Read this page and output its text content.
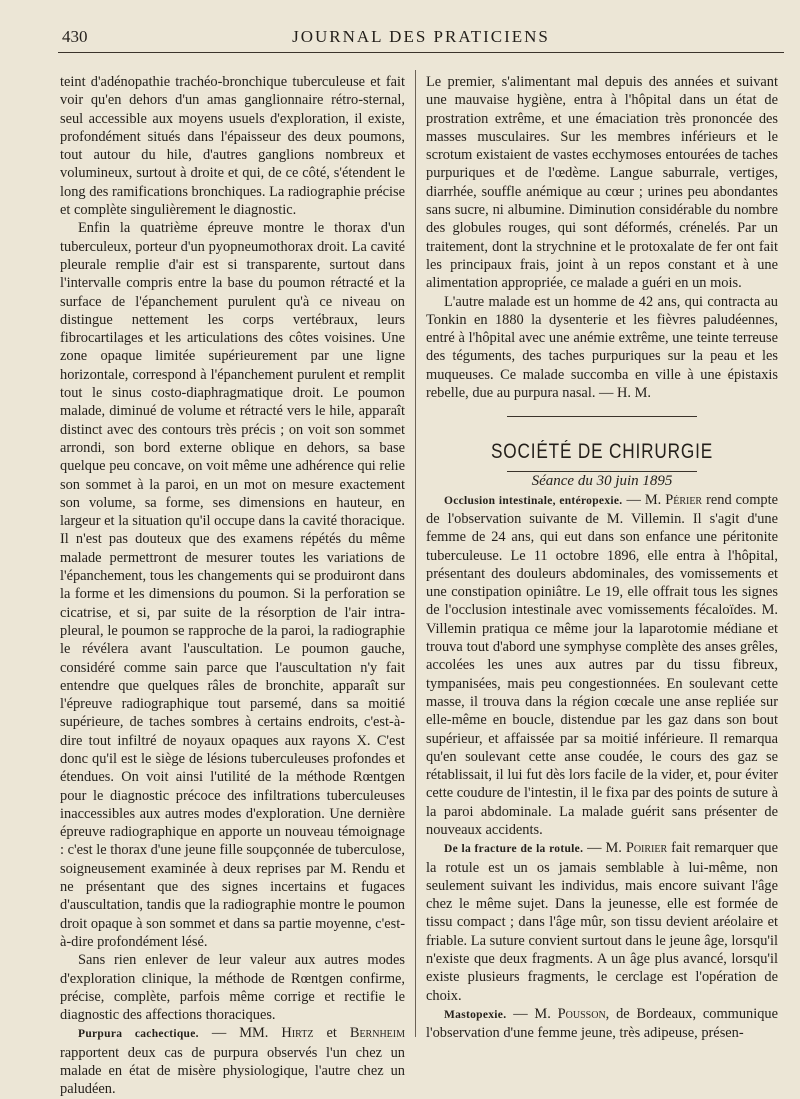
430	JOURNAL DES PRATICIENS

teint d'adénopathie trachéo-bronchique tuberculeuse et fait voir qu'en dehors d'un amas ganglionnaire rétro-sternal, seul accessible aux moyens usuels d'exploration, il existe, profondément situés dans l'épaisseur des deux poumons, tout autour du hile, d'autres ganglions nombreux et volumineux, surtout à droite et qui, de ce côté, s'étendent le long des ramifications bronchiques. La radiographie précise et complète singulièrement le diagnostic.

Enfin la quatrième épreuve montre le thorax d'un tuberculeux, porteur d'un pyopneumothorax droit. La cavité pleurale remplie d'air est si transparente, surtout dans l'intervalle compris entre la base du poumon rétracté et la surface de l'épanchement purulent qu'à ce niveau on distingue nettement les corps vertébraux, leurs fibrocartilages et les articulations des côtes voisines. Une zone opaque limitée supérieurement par une ligne horizontale, correspond à l'épanchement purulent et remplit tout le sinus costo-diaphragmatique droit. Le poumon malade, diminué de volume et rétracté vers le hile, apparaît distinct avec des contours très précis ; on voit son sommet arrondi, son bord externe oblique en dehors, sa base quelque peu concave, on voit même une adhérence qui relie son sommet à la paroi, en un mot on mesure exactement son volume, sa forme, ses dimensions en hauteur, en largeur et la situation qu'il occupe dans la cavité thoracique. Il n'est pas douteux que des examens répétés du même malade permettront de mesurer toutes les variations de l'épanchement, tous les changements qui se produiront dans la forme et les dimensions du poumon. Si la perforation se cicatrise, et si, par suite de la résorption de l'air intra-pleural, le poumon se rapproche de la paroi, la radiographie le révélera avant l'auscultation. Le poumon gauche, considéré comme sain parce que l'auscultation n'y fait entendre que quelques râles de bronchite, apparaît sur l'épreuve radiographique tout parsemé, dans sa moitié supérieure, de taches sombres à certains endroits, c'est-à-dire tout infiltré de noyaux opaques aux rayons X. C'est donc qu'il est le siège de lésions tuberculeuses profondes et étendues. On voit ainsi l'utilité de la méthode Rœntgen pour le diagnostic précoce des infiltrations tuberculeuses inaccessibles aux autres modes d'exploration. Une dernière épreuve radiographique en apporte un nouveau témoignage : c'est le thorax d'une jeune fille soupçonnée de tuberculose, soigneusement examinée à deux reprises par M. Rendu et ne présentant que des signes incertains et fugaces d'auscultation, tandis que la radiographie montre le poumon droit opaque à son sommet et dans sa partie moyenne, c'est-à-dire profondément lésé.

Sans rien enlever de leur valeur aux autres modes d'exploration clinique, la méthode de Rœntgen confirme, précise, complète, parfois même corrige et rectifie le diagnostic des affections thoraciques.

Purpura cachectique. — MM. Hirtz et Bernheim rapportent deux cas de purpura observés l'un chez un malade en état de misère physiologique, l'autre chez un paludéen.

Le premier, s'alimentant mal depuis des années et suivant une mauvaise hygiène, entra à l'hôpital dans un état de prostration extrême, et une émaciation très prononcée des masses musculaires. Sur les membres inférieurs et le scrotum existaient de vastes ecchymoses entourées de taches purpuriques et de l'œdème. Langue saburrale, vertiges, diarrhée, souffle anémique au cœur ; urines peu abondantes sans sucre, ni albumine. Diminution considérable du nombre des globules rouges, qui sont déformés, crénelés. Par un traitement, dont la strychnine et le protoxalate de fer ont fait les principaux frais, joint à un repos constant et à une alimentation appropriée, ce malade a guéri en un mois.

L'autre malade est un homme de 42 ans, qui contracta au Tonkin en 1880 la dysenterie et les fièvres paludéennes, entré à l'hôpital avec une anémie extrême, une teinte terreuse des téguments, des taches purpuriques sur la peau et les muqueuses. Ce malade succomba en ville à une épistaxis rebelle, due au purpura nasal. — H. M.

SOCIÉTÉ DE CHIRURGIE

Séance du 30 juin 1895

Occlusion intestinale, entéropexie. — M. Périer rend compte de l'observation suivante de M. Villemin. Il s'agit d'une femme de 24 ans, qui eut dans son enfance une péritonite tuberculeuse. Le 11 octobre 1896, elle entra à l'hôpital, présentant des douleurs abdominales, des vomissements et une constipation opiniâtre. Le 19, elle offrait tous les signes de l'occlusion intestinale avec vomissements fécaloïdes. M. Villemin pratiqua ce même jour la laparotomie médiane et trouva tout d'abord une symphyse complète des anses grêles, accolées les unes aux autres par du tissu fibreux, tympanisées, mais peu congestionnées. En soulevant cette masse, il trouva dans la région cœcale une anse repliée sur elle-même en boucle, distendue par les gaz dans son bout supérieur, et affaissée par sa moitié inférieure. Il remarqua qu'en soulevant cette anse coudée, le cours des gaz se rétablissait, il lui fut dès lors facile de la vider, et, pour éviter cette coudure de l'intestin, il le fixa par des points de suture à la paroi abdominale. La malade guérit sans présenter de nouveaux accidents.

De la fracture de la rotule. — M. Poirier fait remarquer que la rotule est un os jamais semblable à lui-même, non seulement suivant les individus, mais encore suivant l'âge chez le même sujet. Dans la jeunesse, elle est formée de tissu compact ; dans l'âge mûr, son tissu devient aréolaire et friable. La suture convient surtout dans le jeune âge, lorsqu'il n'existe que deux fragments. A un âge plus avancé, lorsqu'il existe plusieurs fragments, le cerclage est l'opération de choix.

Mastopexie. — M. Pousson, de Bordeaux, communique l'observation d'une femme jeune, très adipeuse, présen-
